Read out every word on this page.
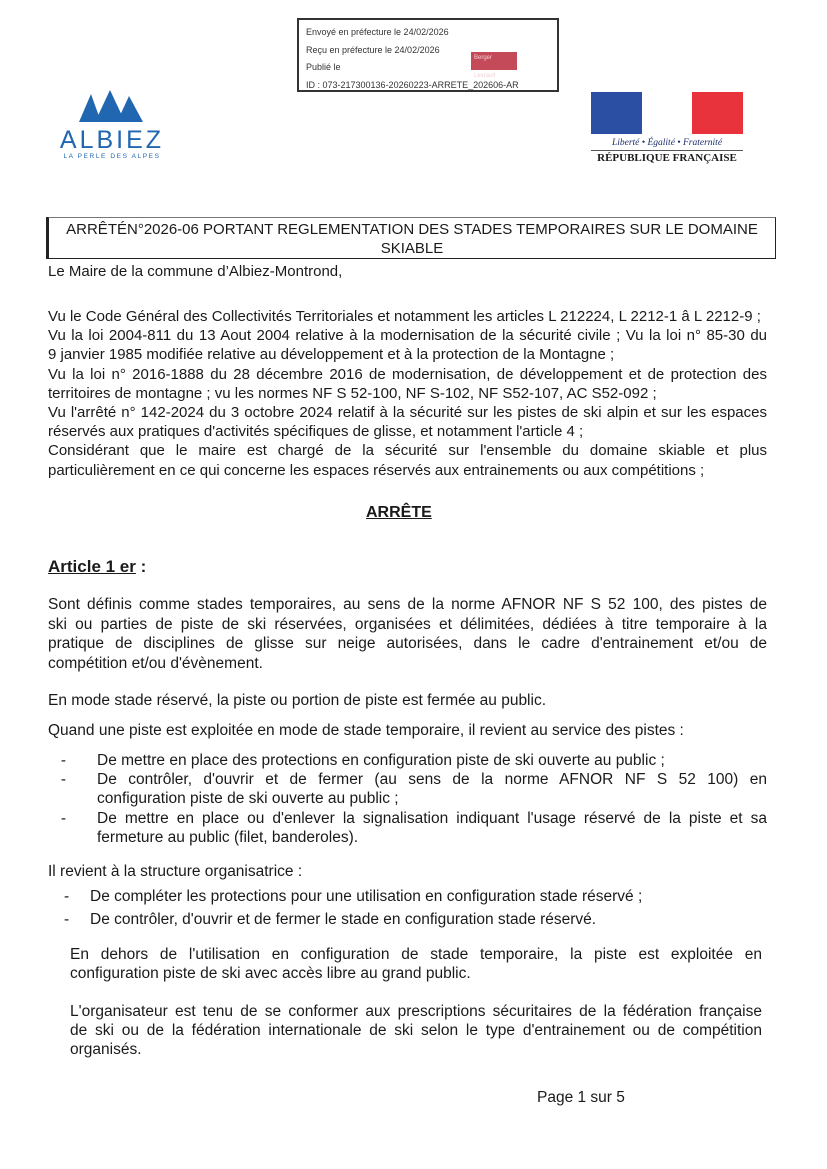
Envoyé en préfecture le 24/02/2026
Reçu en préfecture le 24/02/2026
Publié le
ID : 073-217300136-20260223-ARRETE_202606-AR
Berger
Levrault
ALBIEZ
LA PERLE DES ALPES
Liberté • Égalité • Fraternité
RÉPUBLIQUE FRANÇAISE
ARRÊTÉN°2026-06 PORTANT REGLEMENTATION DES STADES TEMPORAIRES SUR LE DOMAINE
SKIABLE
Le Maire de la commune d’Albiez-Montrond,
Vu le Code Général des Collectivités Territoriales et notamment les articles L 212224, L 2212-1 â L 2212-9 ;
Vu la loi 2004-811 du 13 Aout 2004 relative à la modernisation de la sécurité civile ; Vu la loi n° 85-30 du
9 janvier 1985 modifiée relative au développement et à la protection de la Montagne ;
Vu la loi n° 2016-1888 du 28 décembre 2016 de modernisation, de développement et de protection des
territoires de montagne ; vu les normes NF S 52-100, NF S-102, NF S52-107, AC S52-092 ;
Vu l'arrêté n° 142-2024 du 3 octobre 2024 relatif à la sécurité sur les pistes de ski alpin et sur les espaces
réservés aux pratiques d'activités spécifiques de glisse, et notamment l'article 4 ;
Considérant que le maire est chargé de la sécurité sur l'ensemble du domaine skiable et plus
particulièrement en ce qui concerne les espaces réservés aux entrainements ou aux compétitions ;
ARRÊTE
Article 1 er :
Sont définis comme stades temporaires, au sens de la norme AFNOR NF S 52 100, des pistes de
ski ou parties de piste de ski réservées, organisées et délimitées, dédiées à titre temporaire à la
pratique de disciplines de glisse sur neige autorisées, dans le cadre d'entrainement et/ou de
compétition et/ou d'évènement.
En mode stade réservé, la piste ou portion de piste est fermée au public.
Quand une piste est exploitée en mode de stade temporaire, il revient au service des pistes :
-	De mettre en place des protections en configuration piste de ski ouverte au public ;
-	De contrôler, d'ouvrir et de fermer (au sens de la norme AFNOR NF S 52 100) en
configuration piste de ski ouverte au public ;
-	De mettre en place ou d'enlever la signalisation indiquant l'usage réservé de la piste et sa
fermeture au public (filet, banderoles).
Il revient à la structure organisatrice :
-	De compléter les protections pour une utilisation en configuration stade réservé ;
-	De contrôler, d'ouvrir et de fermer le stade en configuration stade réservé.
En dehors de l'utilisation en configuration de stade temporaire, la piste est exploitée en
configuration piste de ski avec accès libre au grand public.
L'organisateur est tenu de se conformer aux prescriptions sécuritaires de la fédération française
de ski ou de la fédération internationale de ski selon le type d'entrainement ou de compétition
organisés.
Page 1 sur 5
